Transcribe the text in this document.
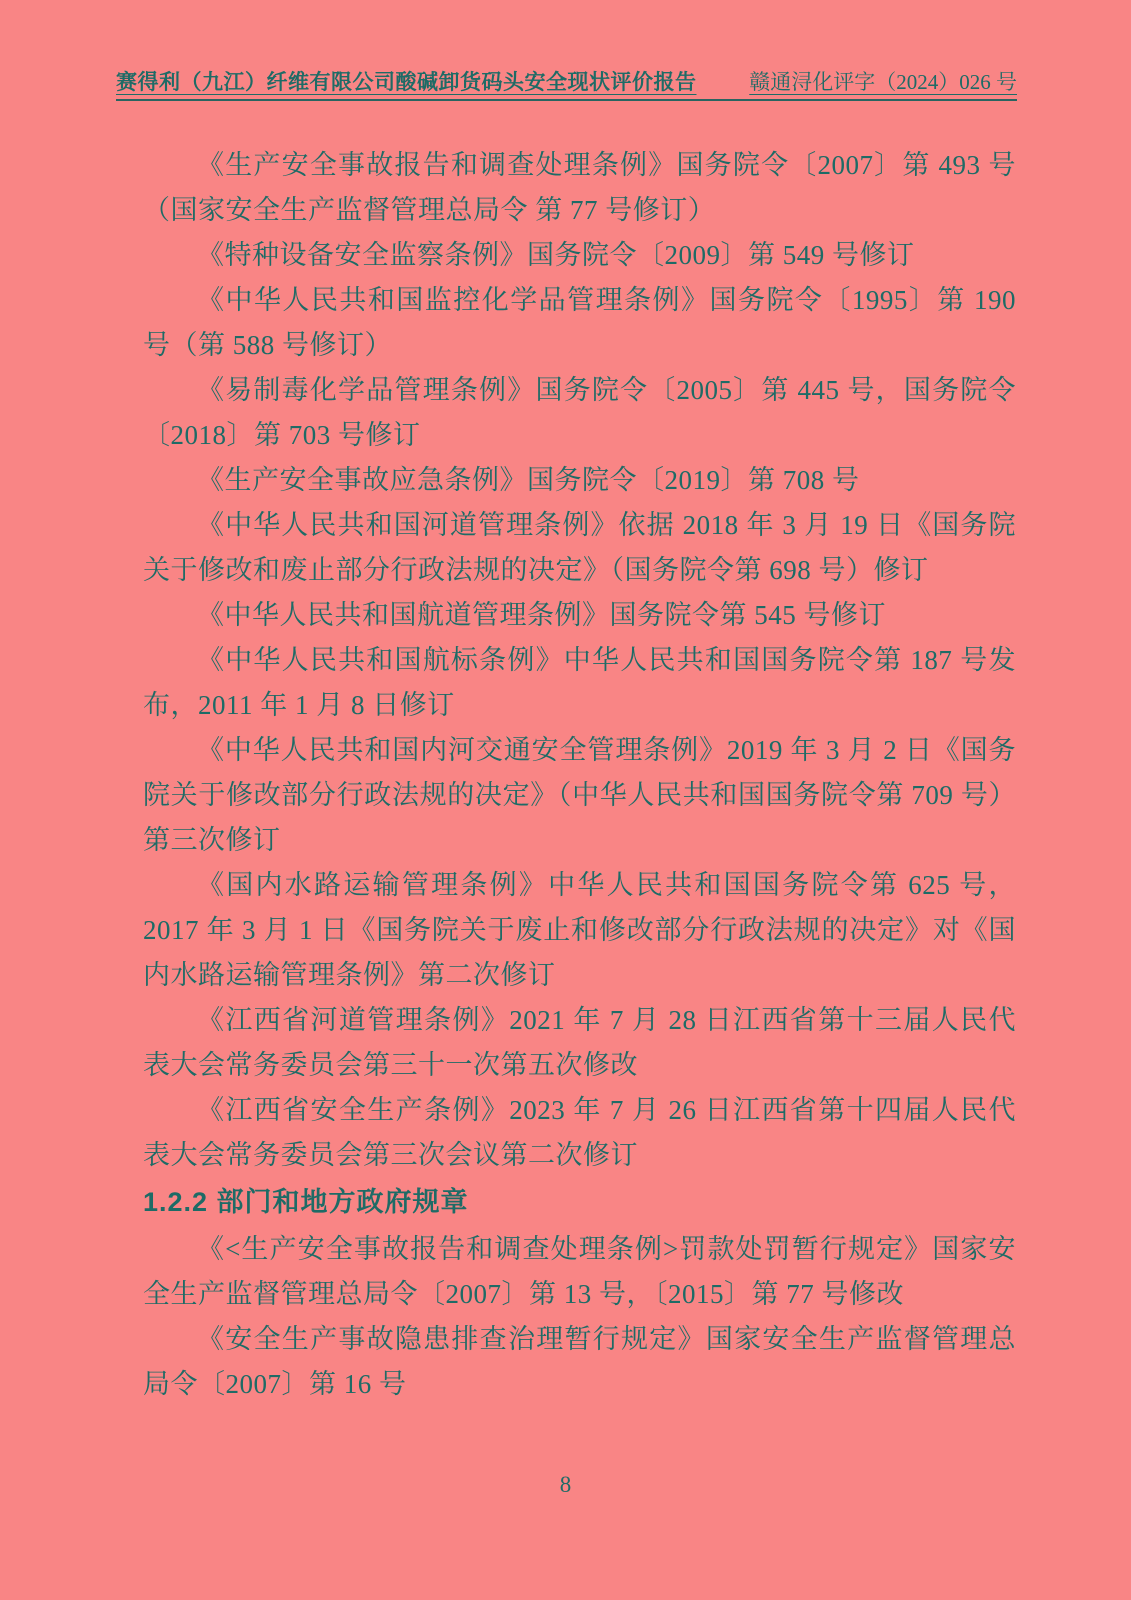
赛得利（九江）纤维有限公司酸碱卸货码头安全现状评价报告	赣通浔化评字（2024）026 号

《生产安全事故报告和调查处理条例》国务院令〔2007〕第 493 号（国家安全生产监督管理总局令 第 77 号修订）

《特种设备安全监察条例》国务院令〔2009〕第 549 号修订

《中华人民共和国监控化学品管理条例》国务院令〔1995〕第 190 号（第 588 号修订）

《易制毒化学品管理条例》国务院令〔2005〕第 445 号，国务院令〔2018〕第 703 号修订

《生产安全事故应急条例》国务院令〔2019〕第 708 号

《中华人民共和国河道管理条例》依据 2018 年 3 月 19 日《国务院关于修改和废止部分行政法规的决定》（国务院令第 698 号）修订

《中华人民共和国航道管理条例》国务院令第 545 号修订

《中华人民共和国航标条例》中华人民共和国国务院令第 187 号发布，2011 年 1 月 8 日修订

《中华人民共和国内河交通安全管理条例》2019 年 3 月 2 日《国务院关于修改部分行政法规的决定》（中华人民共和国国务院令第 709 号）第三次修订

《国内水路运输管理条例》中华人民共和国国务院令第 625 号，2017 年 3 月 1 日《国务院关于废止和修改部分行政法规的决定》对《国内水路运输管理条例》第二次修订

《江西省河道管理条例》2021 年 7 月 28 日江西省第十三届人民代表大会常务委员会第三十一次第五次修改

《江西省安全生产条例》2023 年 7 月 26 日江西省第十四届人民代表大会常务委员会第三次会议第二次修订

1.2.2 部门和地方政府规章

《<生产安全事故报告和调查处理条例>罚款处罚暂行规定》国家安全生产监督管理总局令〔2007〕第 13 号，〔2015〕第 77 号修改

《安全生产事故隐患排查治理暂行规定》国家安全生产监督管理总局令〔2007〕第 16 号

8
